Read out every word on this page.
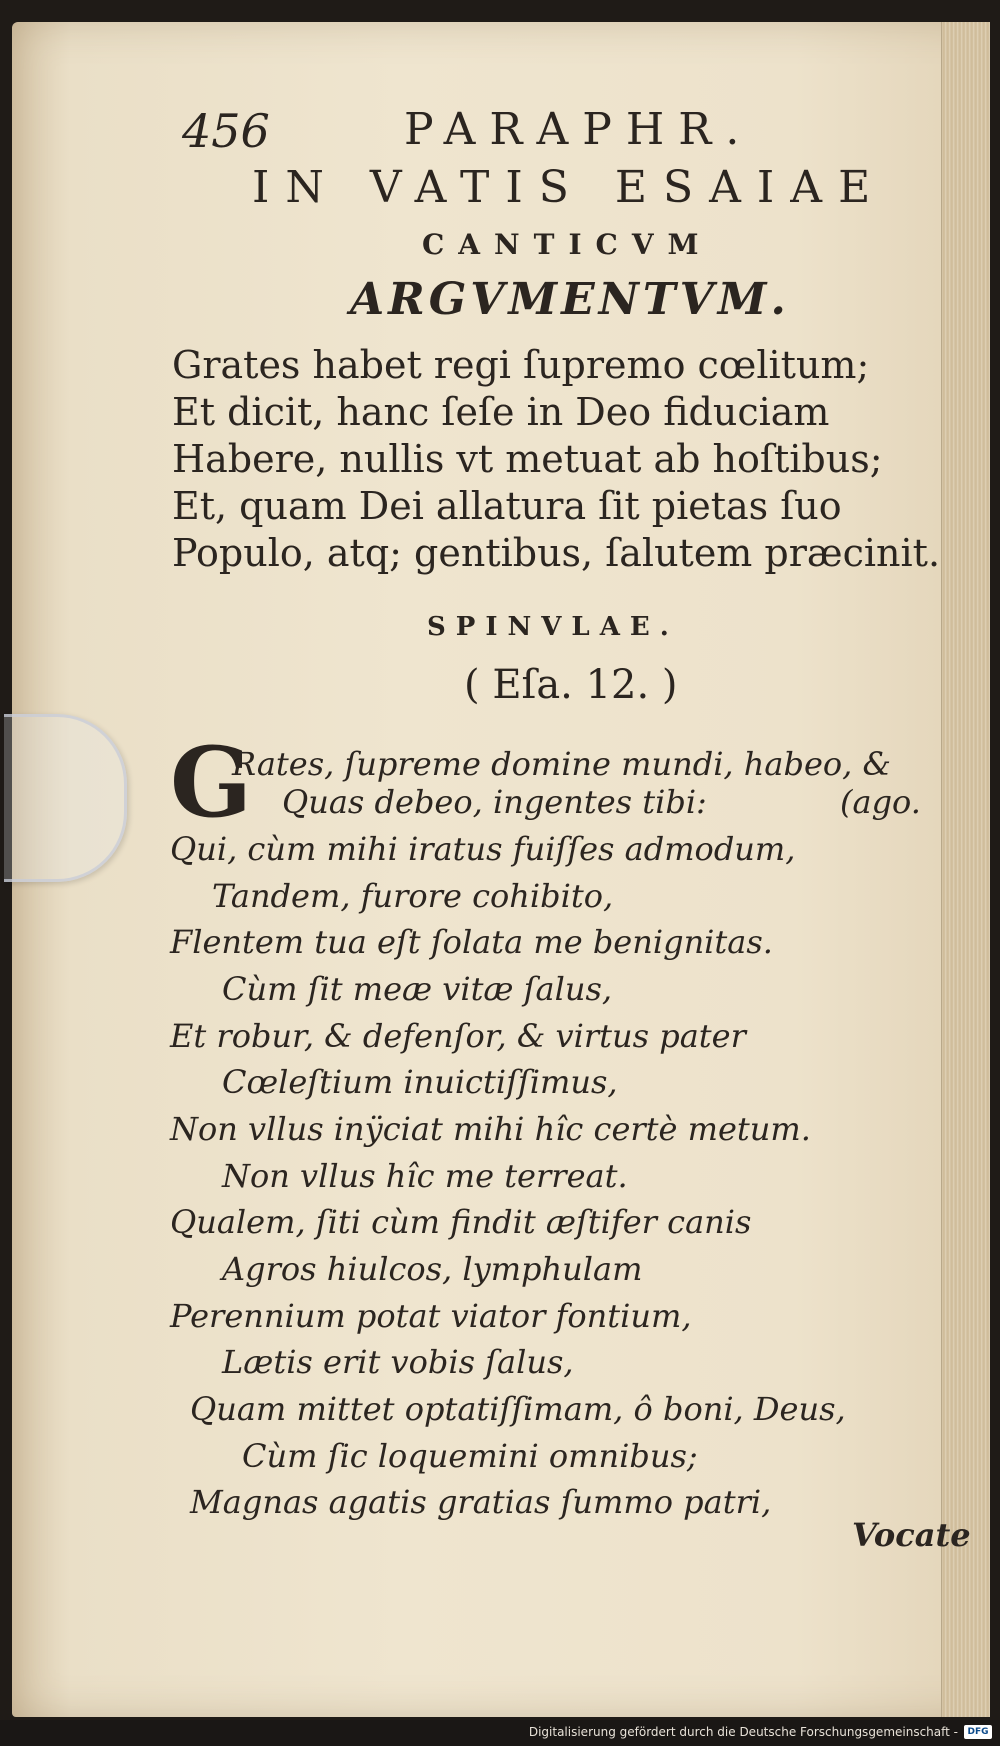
456	PARAPHR.
IN VATIS ESAIAE
CANTICVM
ARGVMENTVM.
Grates habet regi ſupremo cœlitum;
Et dicit, hanc ſeſe in Deo fiduciam
Habere, nullis vt metuat ab hoſtibus;
Et, quam Dei allatura ſit pietas ſuo
Populo, atq; gentibus, ſalutem præcinit.
SPINVLAE.
( Eſa. 12. )
G
Rates, ſupreme domine mundi, habeo, &
Quas debeo, ingentes tibi:	(ago.
Qui, cùm mihi iratus fuiſſes admodum,
Tandem, furore cohibito,
Flentem tua eſt ſolata me benignitas.
Cùm ſit meæ vitæ ſalus,
Et robur, & defenſor, & virtus pater
Cœleſtium inuictiſſimus,
Non vllus inÿciat mihi hîc certè metum.
Non vllus hîc me terreat.
Qualem, ſiti cùm findit æſtifer canis
Agros hiulcos, lymphulam
Perennium potat viator fontium,
Lætis erit vobis ſalus,
Quam mittet optatiſſimam, ô boni, Deus,
Cùm ſic loquemini omnibus;
Magnas agatis gratias ſummo patri,
Vocate
Digitalisierung gefördert durch die Deutsche Forschungsgemeinschaft -	DFG
